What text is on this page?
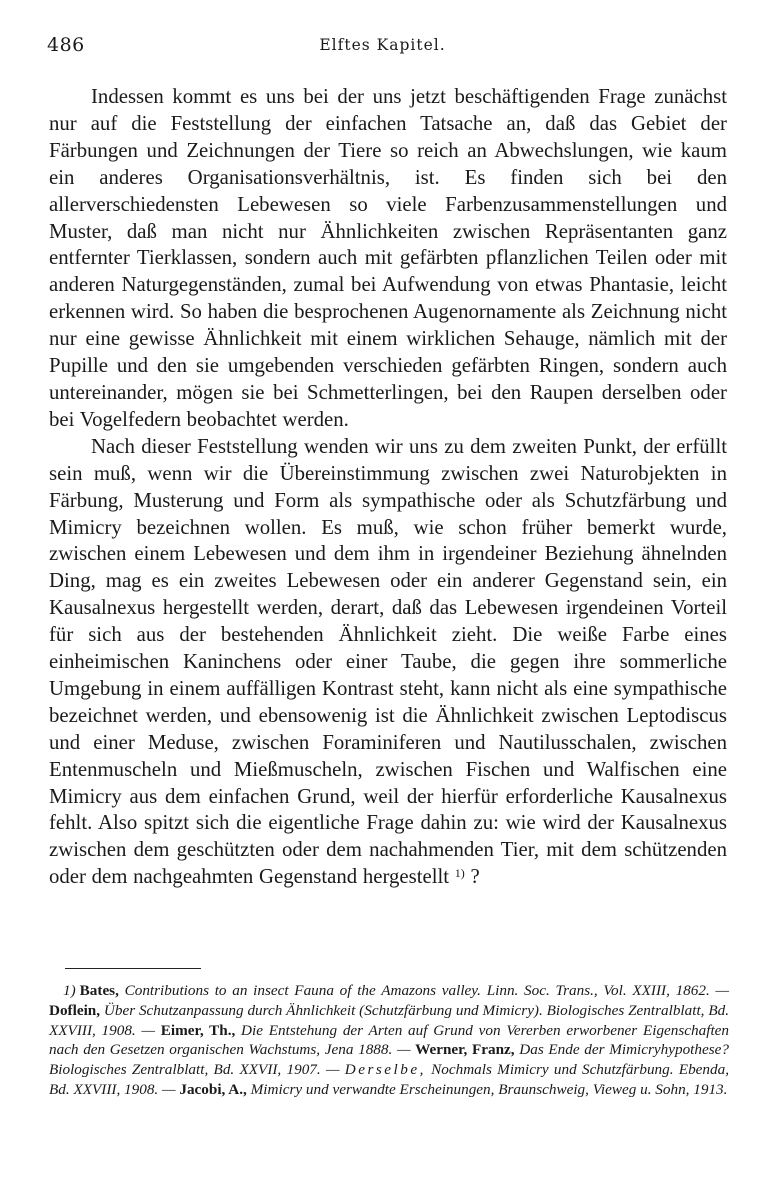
486	Elftes Kapitel.

Indessen kommt es uns bei der uns jetzt beschäftigenden Frage zunächst nur auf die Feststellung der einfachen Tatsache an, daß das Gebiet der Färbungen und Zeichnungen der Tiere so reich an Abwechslungen, wie kaum ein anderes Organisationsverhältnis, ist. Es finden sich bei den allerverschiedensten Lebewesen so viele Farbenzusammenstellungen und Muster, daß man nicht nur Ähnlichkeiten zwischen Repräsentanten ganz entfernter Tierklassen, sondern auch mit gefärbten pflanzlichen Teilen oder mit anderen Naturgegenständen, zumal bei Aufwendung von etwas Phantasie, leicht erkennen wird. So haben die besprochenen Augenornamente als Zeichnung nicht nur eine gewisse Ähnlichkeit mit einem wirklichen Sehauge, nämlich mit der Pupille und den sie umgebenden verschieden gefärbten Ringen, sondern auch untereinander, mögen sie bei Schmetterlingen, bei den Raupen derselben oder bei Vogelfedern beobachtet werden.

Nach dieser Feststellung wenden wir uns zu dem zweiten Punkt, der erfüllt sein muß, wenn wir die Übereinstimmung zwischen zwei Naturobjekten in Färbung, Musterung und Form als sympathische oder als Schutzfärbung und Mimicry bezeichnen wollen. Es muß, wie schon früher bemerkt wurde, zwischen einem Lebewesen und dem ihm in irgendeiner Beziehung ähnelnden Ding, mag es ein zweites Lebewesen oder ein anderer Gegenstand sein, ein Kausalnexus hergestellt werden, derart, daß das Lebewesen irgendeinen Vorteil für sich aus der bestehenden Ähnlichkeit zieht. Die weiße Farbe eines einheimischen Kaninchens oder einer Taube, die gegen ihre sommerliche Umgebung in einem auffälligen Kontrast steht, kann nicht als eine sympathische bezeichnet werden, und ebensowenig ist die Ähnlichkeit zwischen Leptodiscus und einer Meduse, zwischen Foraminiferen und Nautilusschalen, zwischen Entenmuscheln und Mießmuscheln, zwischen Fischen und Walfischen eine Mimicry aus dem einfachen Grund, weil der hierfür erforderliche Kausalnexus fehlt. Also spitzt sich die eigentliche Frage dahin zu: wie wird der Kausalnexus zwischen dem geschützten oder dem nachahmenden Tier, mit dem schützenden oder dem nachgeahmten Gegenstand hergestellt $^{1)}$ ?

1) Bates, Contributions to an insect Fauna of the Amazons valley. Linn. Soc. Trans., Vol. XXIII, 1862. — Doflein, Über Schutzanpassung durch Ähnlichkeit (Schutzfärbung und Mimicry). Biologisches Zentralblatt, Bd. XXVIII, 1908. — Eimer, Th., Die Entstehung der Arten auf Grund von Vererben erworbener Eigenschaften nach den Gesetzen organischen Wachstums, Jena 1888. — Werner, Franz, Das Ende der Mimicryhypothese? Biologisches Zentralblatt, Bd. XXVII, 1907. — Derselbe, Nochmals Mimicry und Schutzfärbung. Ebenda, Bd. XXVIII, 1908. — Jacobi, A., Mimicry und verwandte Erscheinungen, Braunschweig, Vieweg u. Sohn, 1913.
